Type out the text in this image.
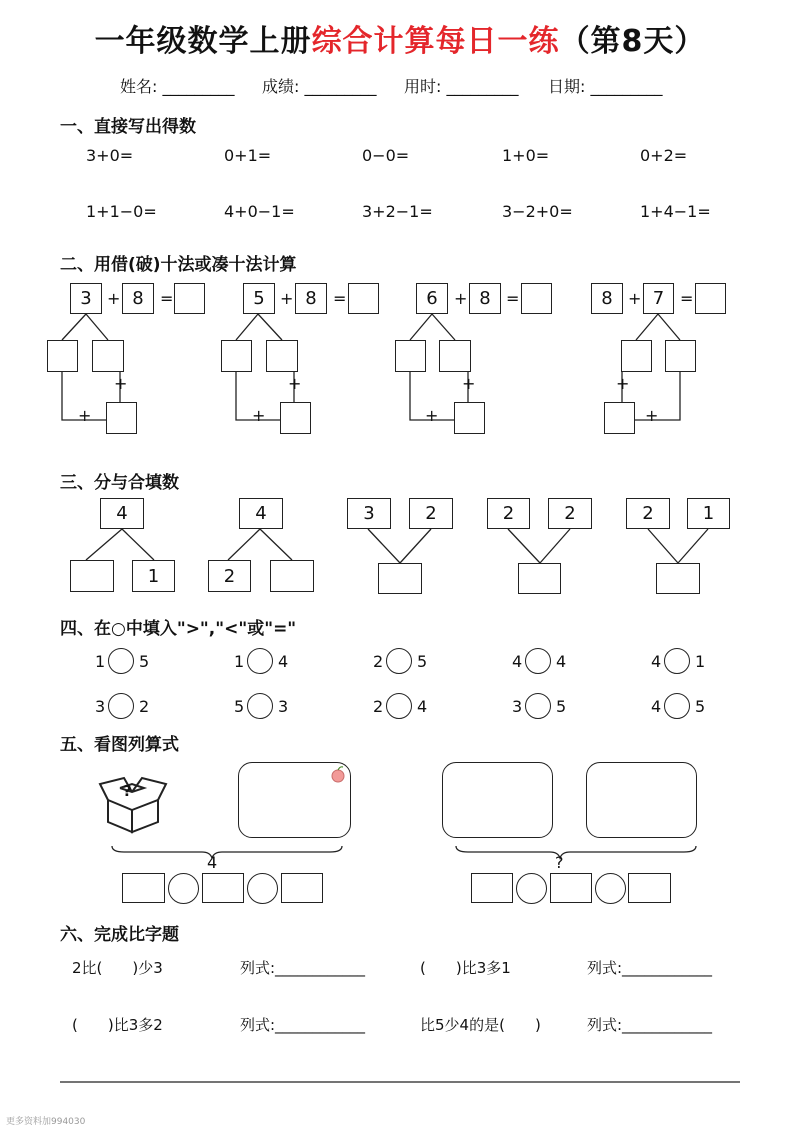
一年级数学上册综合计算每日一练（第8天）
姓名: _________ 成绩: _________ 用时: _________ 日期: _________
一、直接写出得数
3+0=	0+1=	0−0=	1+0=	0+2=
1+1−0=	4+0−1=	3+2−1=	3−2+0=	1+4−1=
二、用借(破)十法或凑十法计算
3 + 8	=
+
+
5 + 8	=
+
+
6	+ 8 =
+
+
8 + 7 =
+
+
三、分与合填数
4
1
4
2
3	2	2	2	2	1
四、在○中填入">","<"或"="
1 5	1 4	2 5	4 4	4 1
3 2	5 3	2 4	3 5	4 5
五、看图列算式
?
4	?
六、完成比字题
2比(　　)少3	列式:____________	(　　)比3多1	列式:____________
(　　)比3多2	列式:____________	比5少4的是(　　)	列式:____________
更多资料加994030
